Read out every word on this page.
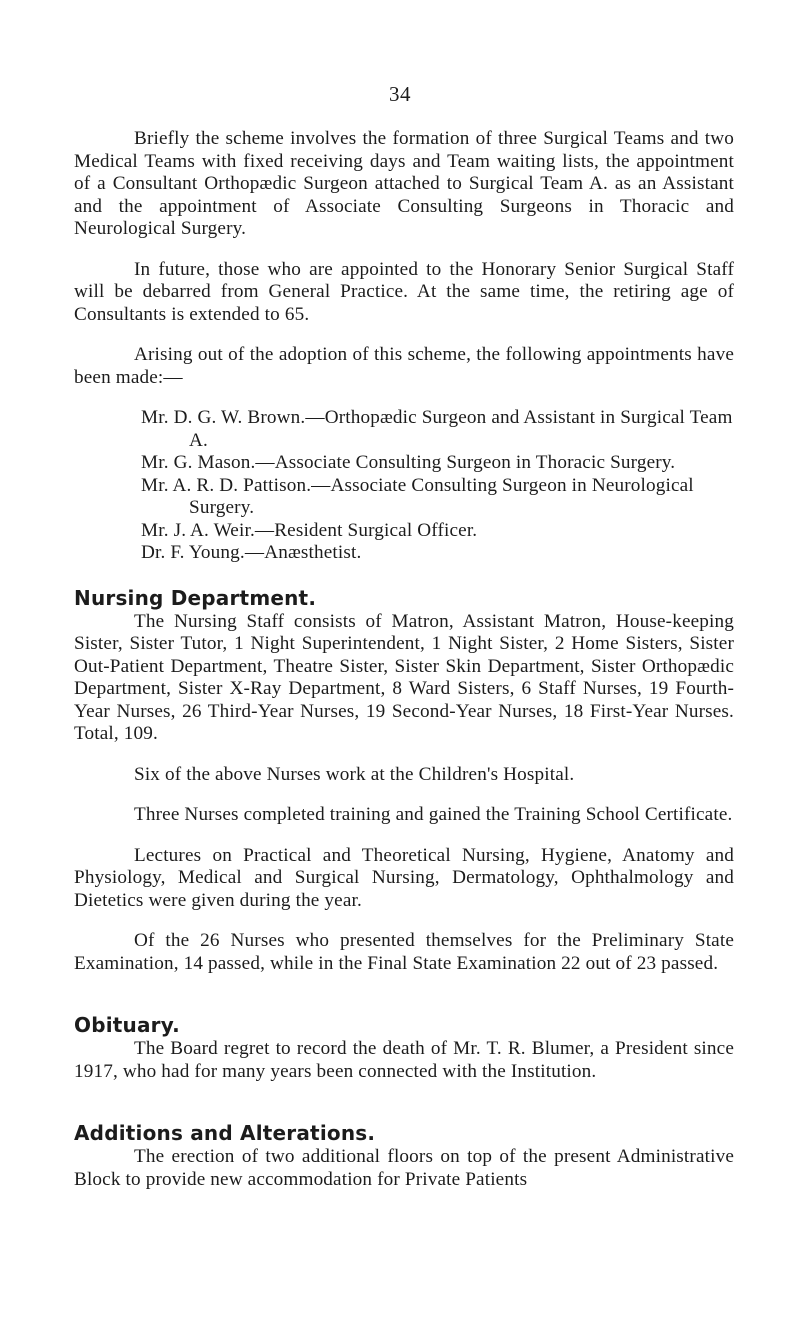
34

Briefly the scheme involves the formation of three Surgical Teams and two Medical Teams with fixed receiving days and Team waiting lists, the appointment of a Consultant Orthopædic Surgeon attached to Surgical Team A. as an Assistant and the appointment of Associate Consulting Surgeons in Thoracic and Neurological Surgery.

In future, those who are appointed to the Honorary Senior Surgical Staff will be debarred from General Practice. At the same time, the retiring age of Consultants is extended to 65.

Arising out of the adoption of this scheme, the following appointments have been made:—

Mr. D. G. W. Brown.—Orthopædic Surgeon and Assistant in Surgical Team A.
Mr. G. Mason.—Associate Consulting Surgeon in Thoracic Surgery.
Mr. A. R. D. Pattison.—Associate Consulting Surgeon in Neurological Surgery.
Mr. J. A. Weir.—Resident Surgical Officer.
Dr. F. Young.—Anæsthetist.
Nursing Department.

The Nursing Staff consists of Matron, Assistant Matron, House-keeping Sister, Sister Tutor, 1 Night Superintendent, 1 Night Sister, 2 Home Sisters, Sister Out-Patient Department, Theatre Sister, Sister Skin Department, Sister Orthopædic Department, Sister X-Ray Department, 8 Ward Sisters, 6 Staff Nurses, 19 Fourth-Year Nurses, 26 Third-Year Nurses, 19 Second-Year Nurses, 18 First-Year Nurses. Total, 109.

Six of the above Nurses work at the Children's Hospital.

Three Nurses completed training and gained the Training School Certificate.

Lectures on Practical and Theoretical Nursing, Hygiene, Anatomy and Physiology, Medical and Surgical Nursing, Dermatology, Ophthalmology and Dietetics were given during the year.

Of the 26 Nurses who presented themselves for the Preliminary State Examination, 14 passed, while in the Final State Examination 22 out of 23 passed.

Obituary.

The Board regret to record the death of Mr. T. R. Blumer, a President since 1917, who had for many years been connected with the Institution.

Additions and Alterations.

The erection of two additional floors on top of the present Administrative Block to provide new accommodation for Private Patients
